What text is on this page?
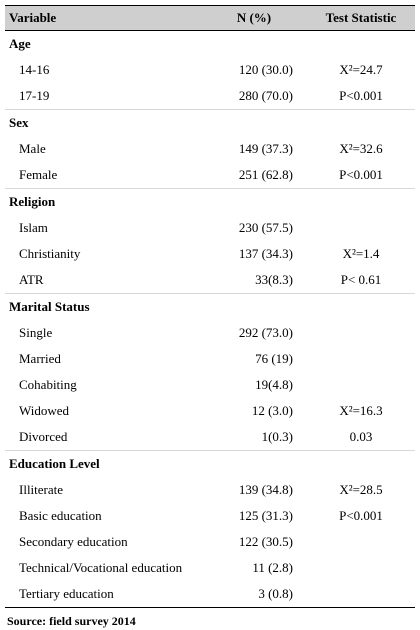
Variable	N (%)	Test Statistic
Age		
14-16	120 (30.0)	X²=24.7
17-19	280 (70.0)	P<0.001
Sex		
Male	149 (37.3)	X²=32.6
Female	251 (62.8)	P<0.001
Religion		
Islam	230 (57.5)	
Christianity	137 (34.3)	X²=1.4
ATR	33(8.3)	P< 0.61
Marital Status		
Single	292 (73.0)	
Married	76 (19)	
Cohabiting	19(4.8)	
Widowed	12 (3.0)	X²=16.3
Divorced	1(0.3)	0.03
Education Level		
Illiterate	139 (34.8)	X²=28.5
Basic education	125 (31.3)	P<0.001
Secondary education	122 (30.5)	
Technical/Vocational education	11 (2.8)	
Tertiary education	3 (0.8)	
Source: field survey 2014
